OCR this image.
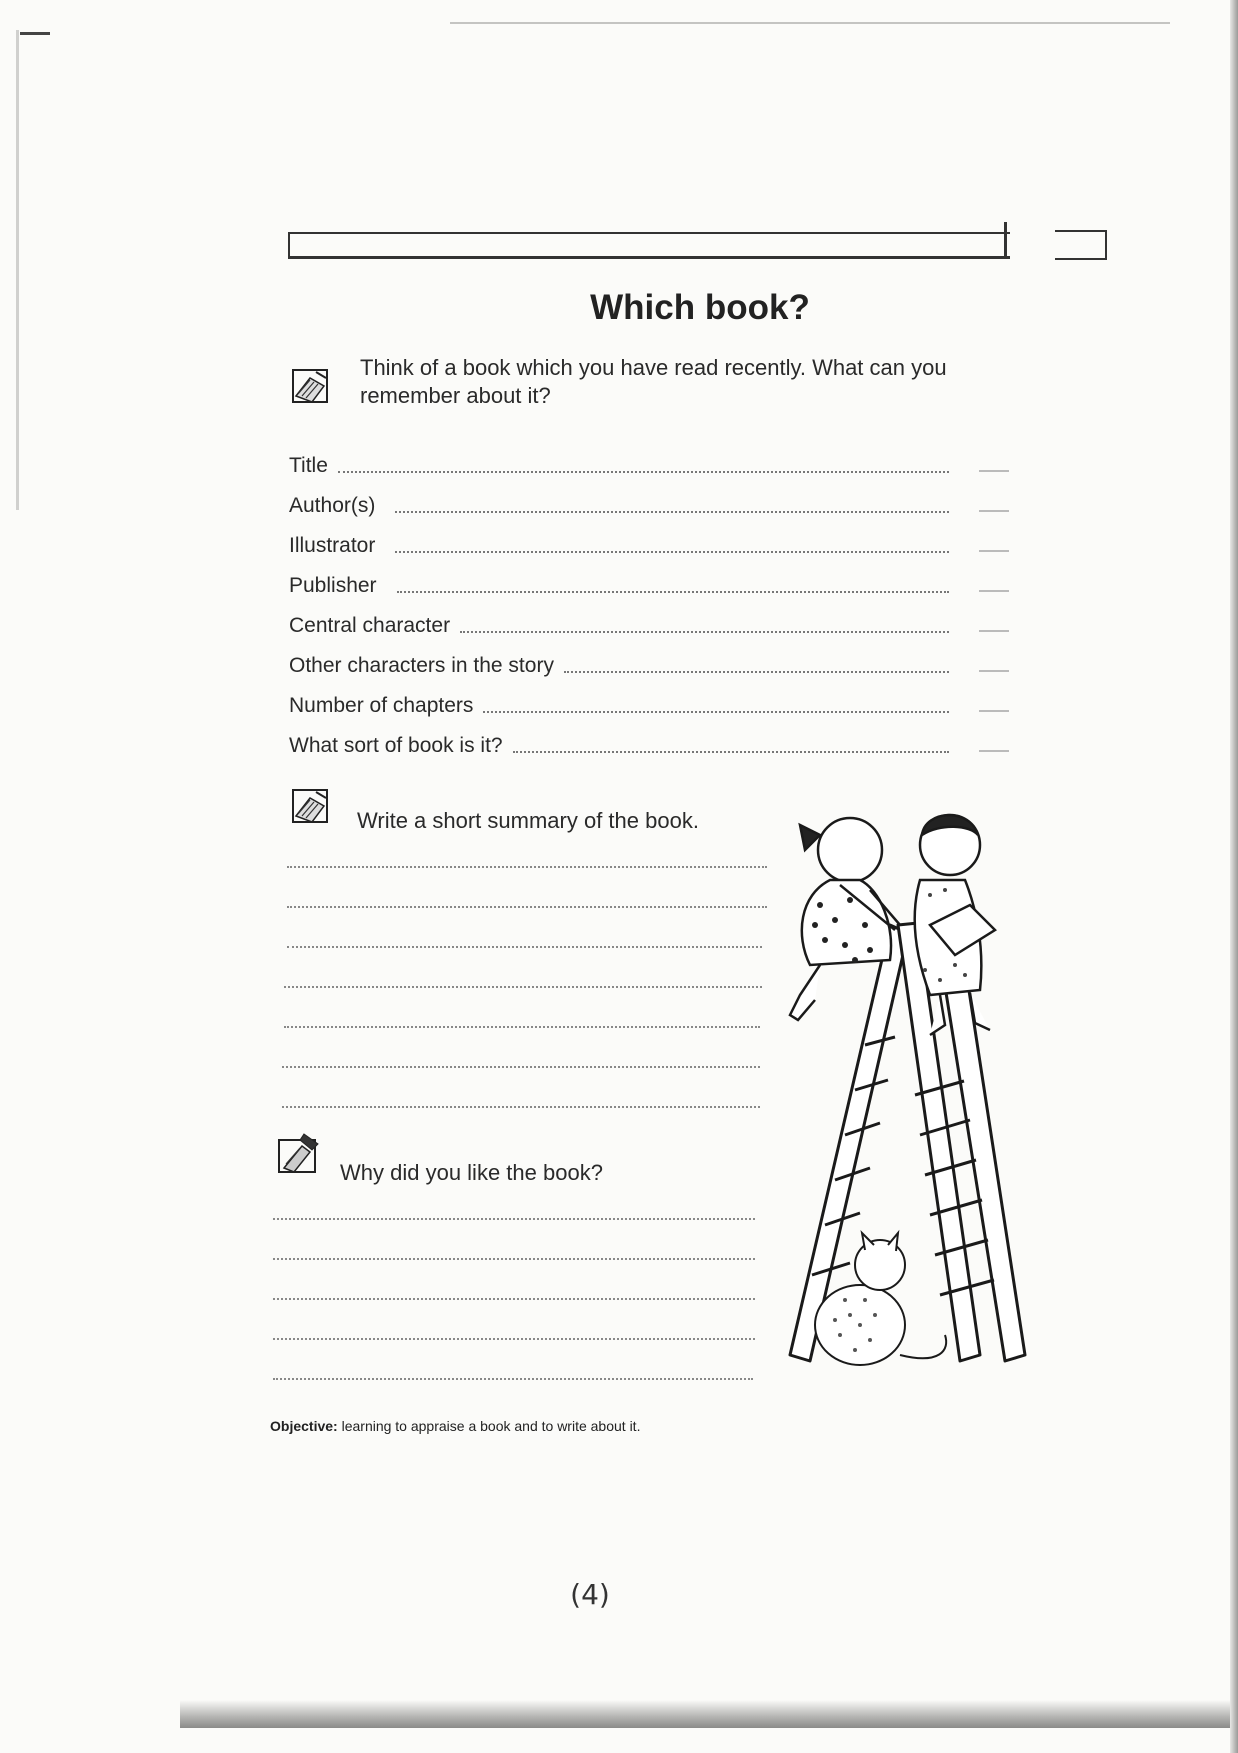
Which book?
Think of a book which you have read recently. What can you remember about it?
Title
Author(s)
Illustrator
Publisher
Central character
Other characters in the story
Number of chapters
What sort of book is it?
Write a short summary of the book.
Why did you like the book?
Objective: learning to appraise a book and to write about it.
(4)
